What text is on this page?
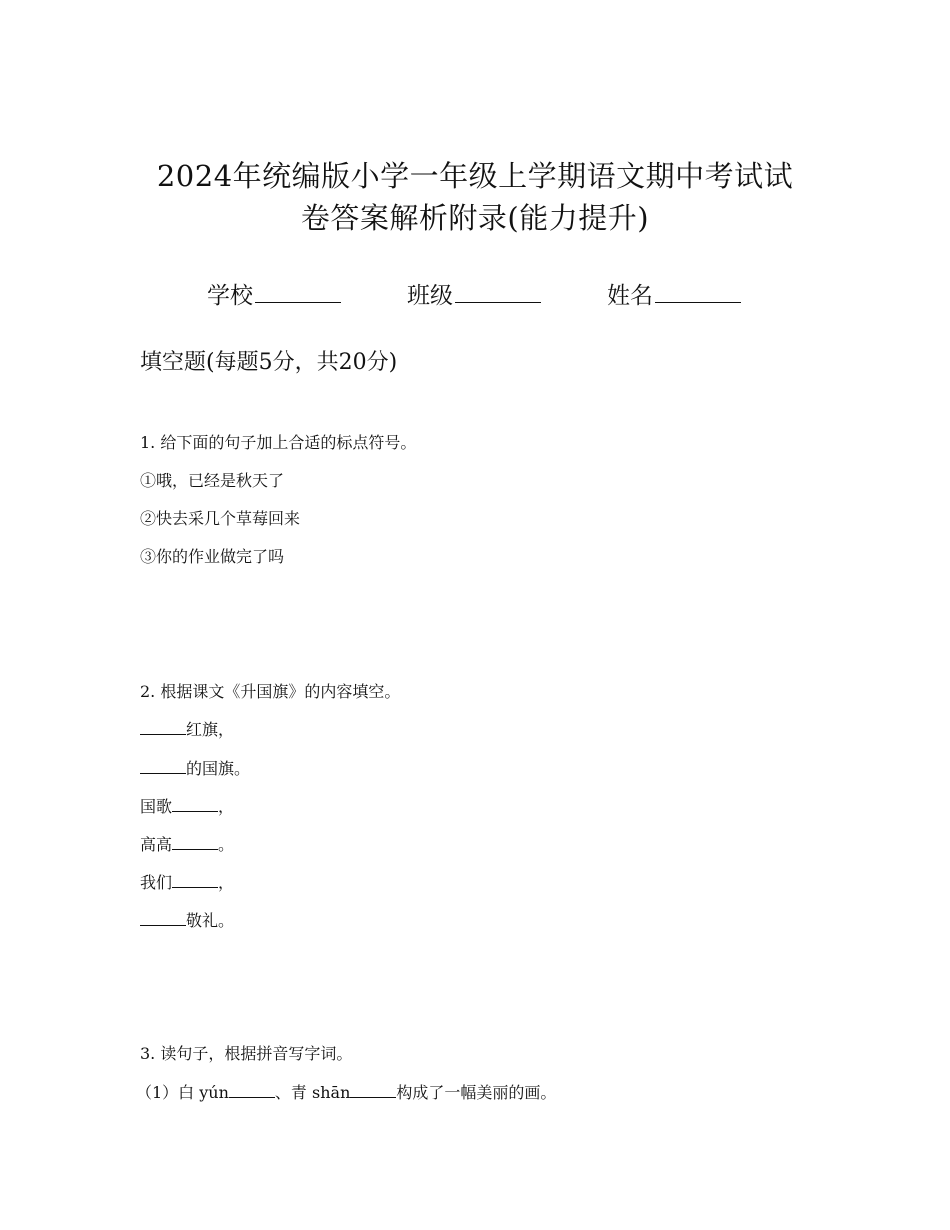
2024年统编版小学一年级上学期语文期中考试试
卷答案解析附录(能力提升)
学校	班级	姓名
填空题(每题5分，共20分)
1. 给下面的句子加上合适的标点符号。
①哦，已经是秋天了
②快去采几个草莓回来
③你的作业做完了吗
2. 根据课文《升国旗》的内容填空。
红旗，
的国旗。
国歌	，
高高	。
我们	，
敬礼。
3. 读句子，根据拼音写字词。
（1）白 yún	、青 shān	构成了一幅美丽的画。
